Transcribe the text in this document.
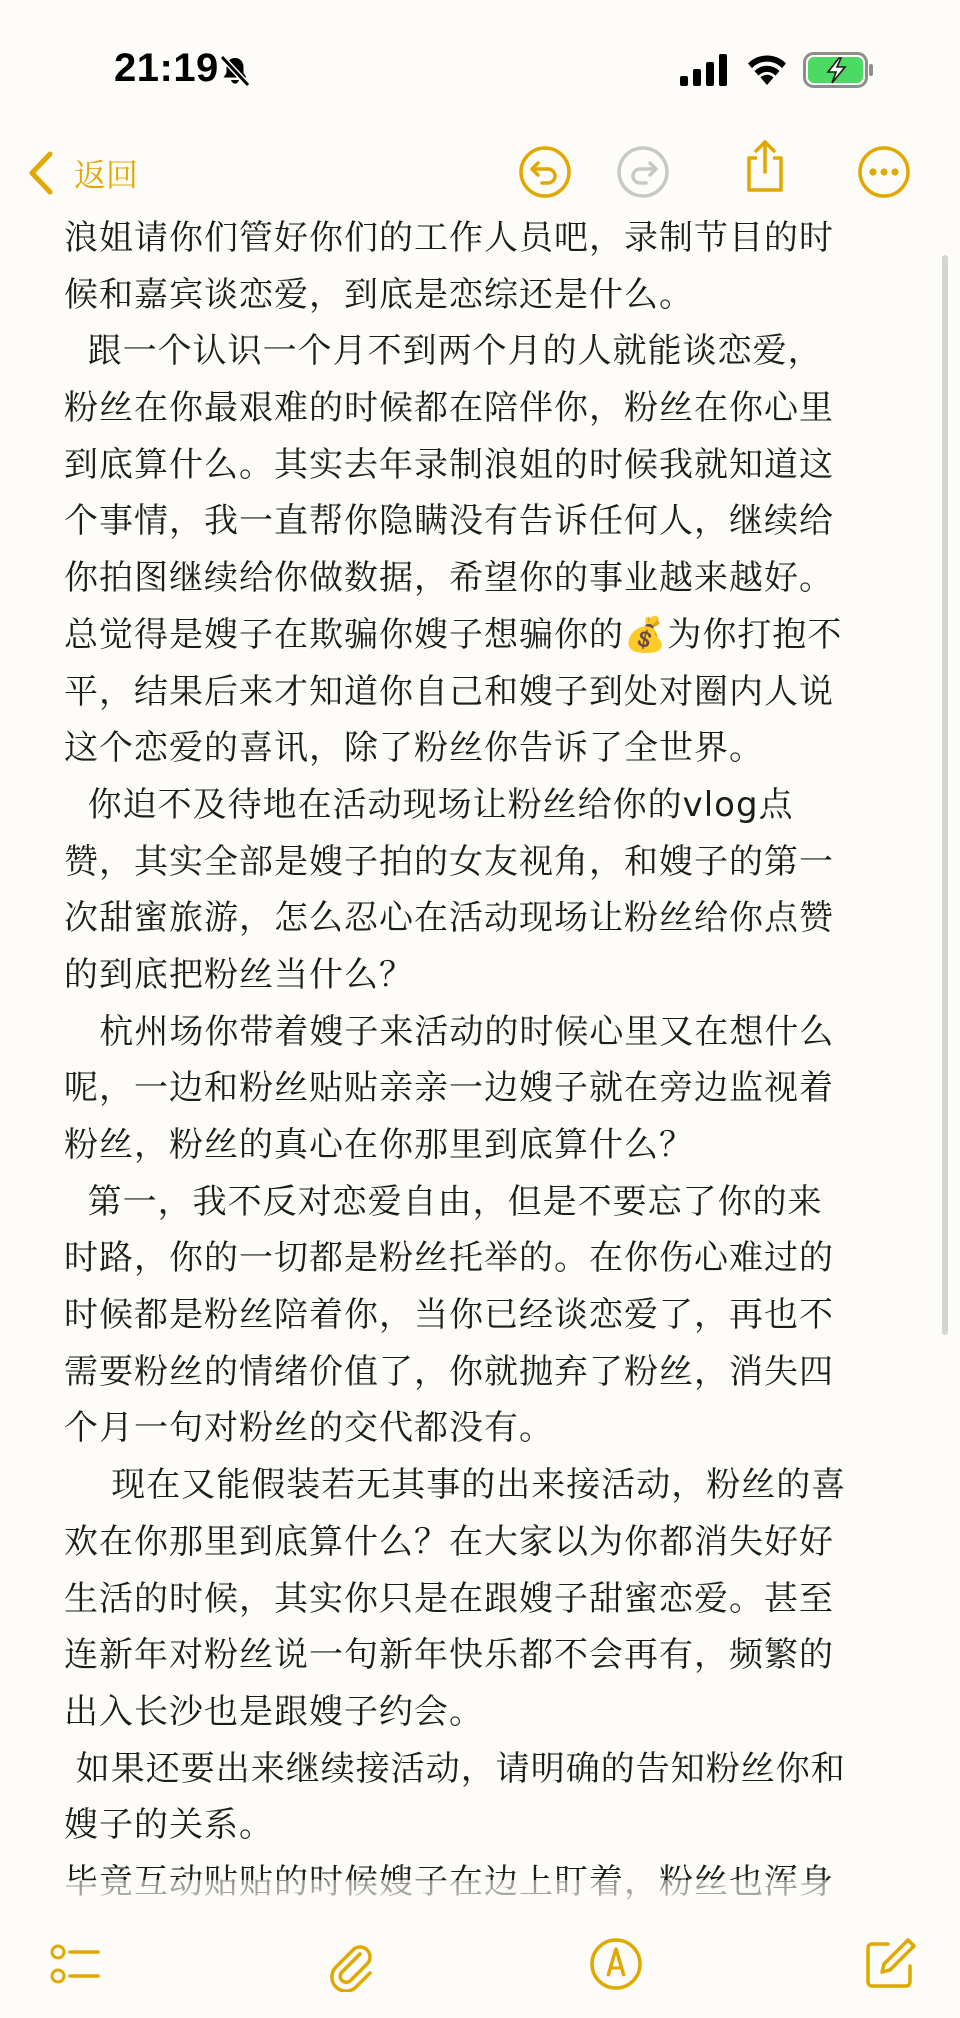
21:19
返回
浪姐请你们管好你们的工作人员吧，录制节目的时
候和嘉宾谈恋爱，到底是恋综还是什么。
跟一个认识一个月不到两个月的人就能谈恋爱，
粉丝在你最艰难的时候都在陪伴你，粉丝在你心里
到底算什么。其实去年录制浪姐的时候我就知道这
个事情，我一直帮你隐瞒没有告诉任何人，继续给
你拍图继续给你做数据，希望你的事业越来越好。
总觉得是嫂子在欺骗你嫂子想骗你的💰为你打抱不
平，结果后来才知道你自己和嫂子到处对圈内人说
这个恋爱的喜讯，除了粉丝你告诉了全世界。
你迫不及待地在活动现场让粉丝给你的vlog点
赞，其实全部是嫂子拍的女友视角，和嫂子的第一
次甜蜜旅游，怎么忍心在活动现场让粉丝给你点赞
的到底把粉丝当什么？
杭州场你带着嫂子来活动的时候心里又在想什么
呢，一边和粉丝贴贴亲亲一边嫂子就在旁边监视着
粉丝，粉丝的真心在你那里到底算什么？
第一，我不反对恋爱自由，但是不要忘了你的来
时路，你的一切都是粉丝托举的。在你伤心难过的
时候都是粉丝陪着你，当你已经谈恋爱了，再也不
需要粉丝的情绪价值了，你就抛弃了粉丝，消失四
个月一句对粉丝的交代都没有。
现在又能假装若无其事的出来接活动，粉丝的喜
欢在你那里到底算什么？在大家以为你都消失好好
生活的时候，其实你只是在跟嫂子甜蜜恋爱。甚至
连新年对粉丝说一句新年快乐都不会再有，频繁的
出入长沙也是跟嫂子约会。
如果还要出来继续接活动，请明确的告知粉丝你和
嫂子的关系。
